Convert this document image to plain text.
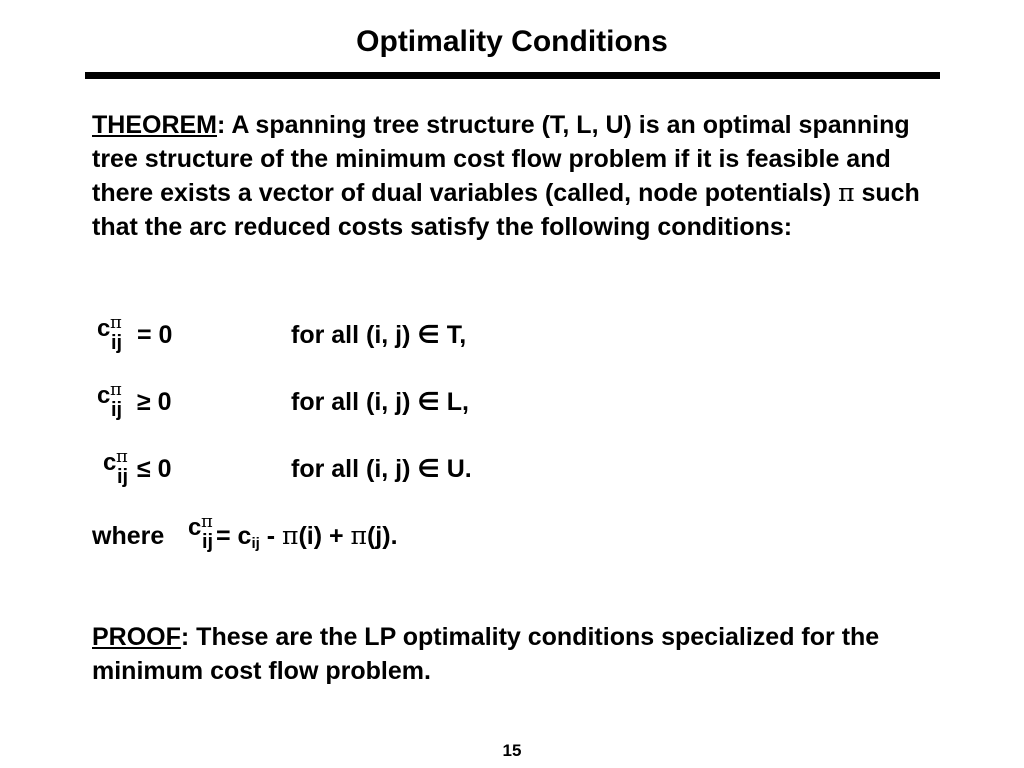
Optimality Conditions
THEOREM: A spanning tree structure (T, L, U) is an optimal spanning tree structure of the minimum cost flow problem if it is feasible and there exists a vector of dual variables (called, node potentials) π such that the arc reduced costs satisfy the following conditions:
c π
ij = 0	for all (i, j) ∈ T,
c π
ij ≥ 0	for all (i, j) ∈ L,
c π
ij ≤ 0	for all (i, j) ∈ U.
where c π
ij = $c_{ij} - \pi(i) + \pi(j)$.
PROOF: These are the LP optimality conditions specialized for the minimum cost flow problem.
15
